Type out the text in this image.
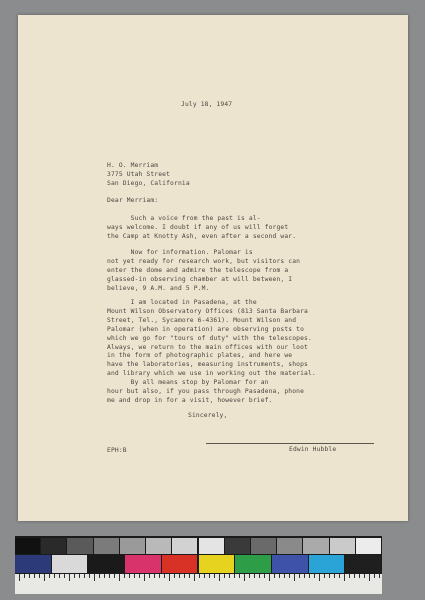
July 18, 1947
H. O. Merriam
3775 Utah Street
San Diego, California
Dear Merriam:
Such a voice from the past is al-
ways welcome. I doubt if any of us will forget
the Camp at Knotty Ash, even after a second war.
Now for information. Palomar is
not yet ready for research work, but visitors can
enter the dome and admire the telescope from a
glassed-in observing chamber at will between, I
believe, 9 A.M. and 5 P.M.
I am located in Pasadena, at the
Mount Wilson Observatory Offices (813 Santa Barbara
Street, Tel., Sycamore 6-4361). Mount Wilson and
Palomar (when in operation) are observing posts to
which we go for "tours of duty" with the telescopes.
Always, we return to the main offices with our loot
in the form of photographic plates, and here we
have the laboratories, measuring instruments, shops
and library which we use in working out the material.
By all means stop by Palomar for an
hour but also, if you pass through Pasadena, phone
me and drop in for a visit, however brief.
Sincerely,
Edwin Hubble
EPH:B
